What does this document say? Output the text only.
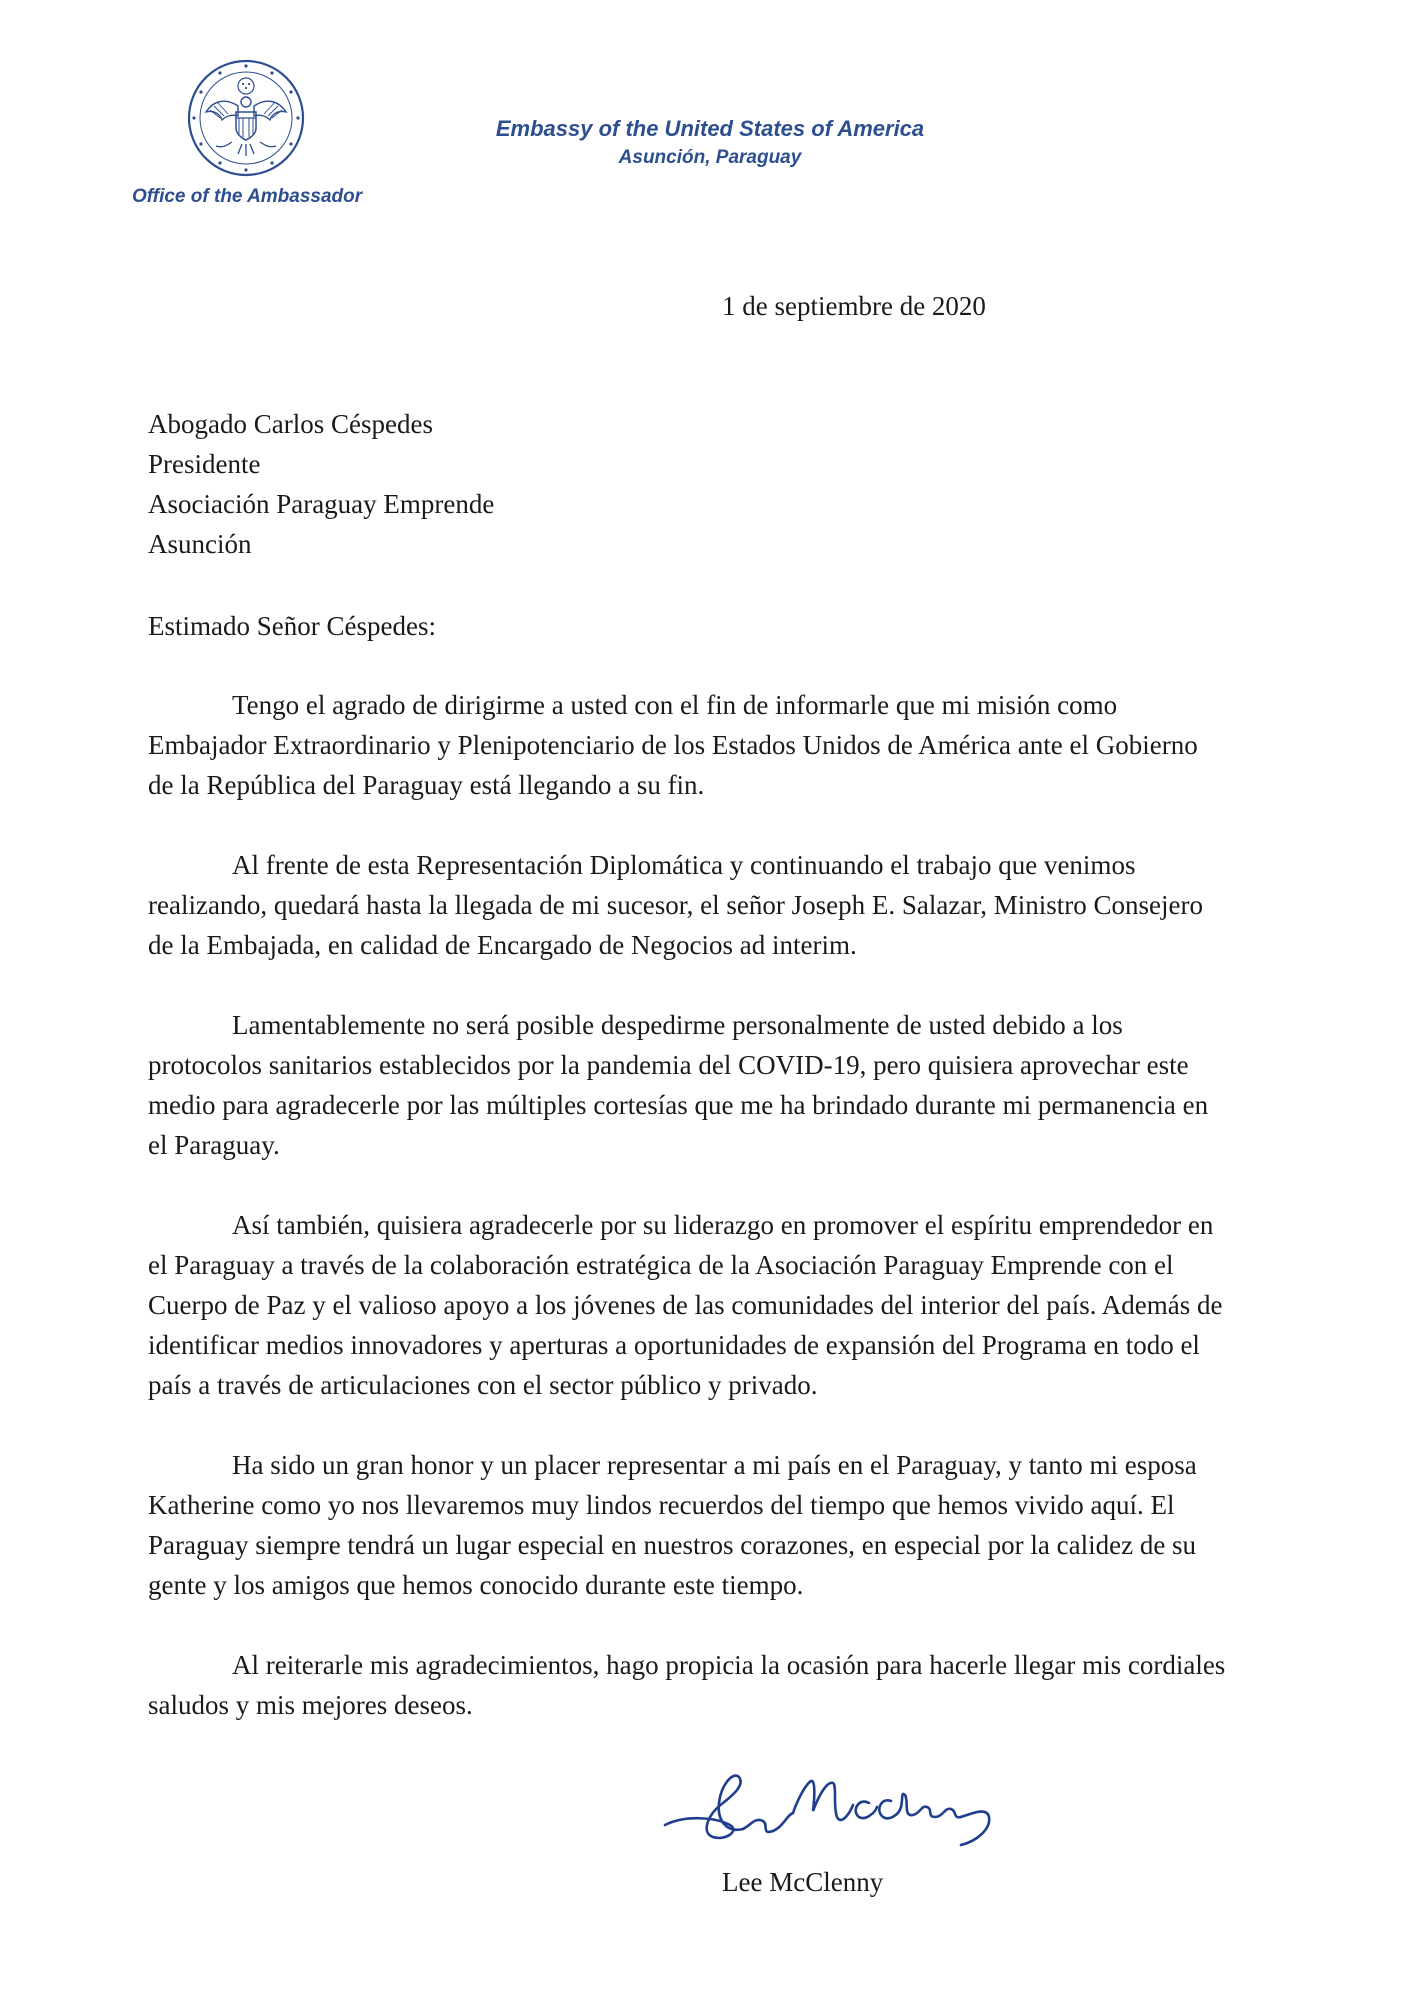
Office of the Ambassador
Embassy of the United States of America
Asunción, Paraguay
1 de septiembre de 2020
Abogado Carlos Céspedes
Presidente
Asociación Paraguay Emprende
Asunción
Estimado Señor Céspedes:

Tengo el agrado de dirigirme a usted con el fin de informarle que mi misión como Embajador Extraordinario y Plenipotenciario de los Estados Unidos de América ante el Gobierno de la República del Paraguay está llegando a su fin.

Al frente de esta Representación Diplomática y continuando el trabajo que venimos realizando, quedará hasta la llegada de mi sucesor, el señor Joseph E. Salazar, Ministro Consejero de la Embajada, en calidad de Encargado de Negocios ad interim.

Lamentablemente no será posible despedirme personalmente de usted debido a los protocolos sanitarios establecidos por la pandemia del COVID-19, pero quisiera aprovechar este medio para agradecerle por las múltiples cortesías que me ha brindado durante mi permanencia en el Paraguay.

Así también, quisiera agradecerle por su liderazgo en promover el espíritu emprendedor en el Paraguay a través de la colaboración estratégica de la Asociación Paraguay Emprende con el Cuerpo de Paz y el valioso apoyo a los jóvenes de las comunidades del interior del país. Además de identificar medios innovadores y aperturas a oportunidades de expansión del Programa en todo el país a través de articulaciones con el sector público y privado.

Ha sido un gran honor y un placer representar a mi país en el Paraguay, y tanto mi esposa Katherine como yo nos llevaremos muy lindos recuerdos del tiempo que hemos vivido aquí. El Paraguay siempre tendrá un lugar especial en nuestros corazones, en especial por la calidez de su gente y los amigos que hemos conocido durante este tiempo.

Al reiterarle mis agradecimientos, hago propicia la ocasión para hacerle llegar mis cordiales saludos y mis mejores deseos.

Lee McClenny
